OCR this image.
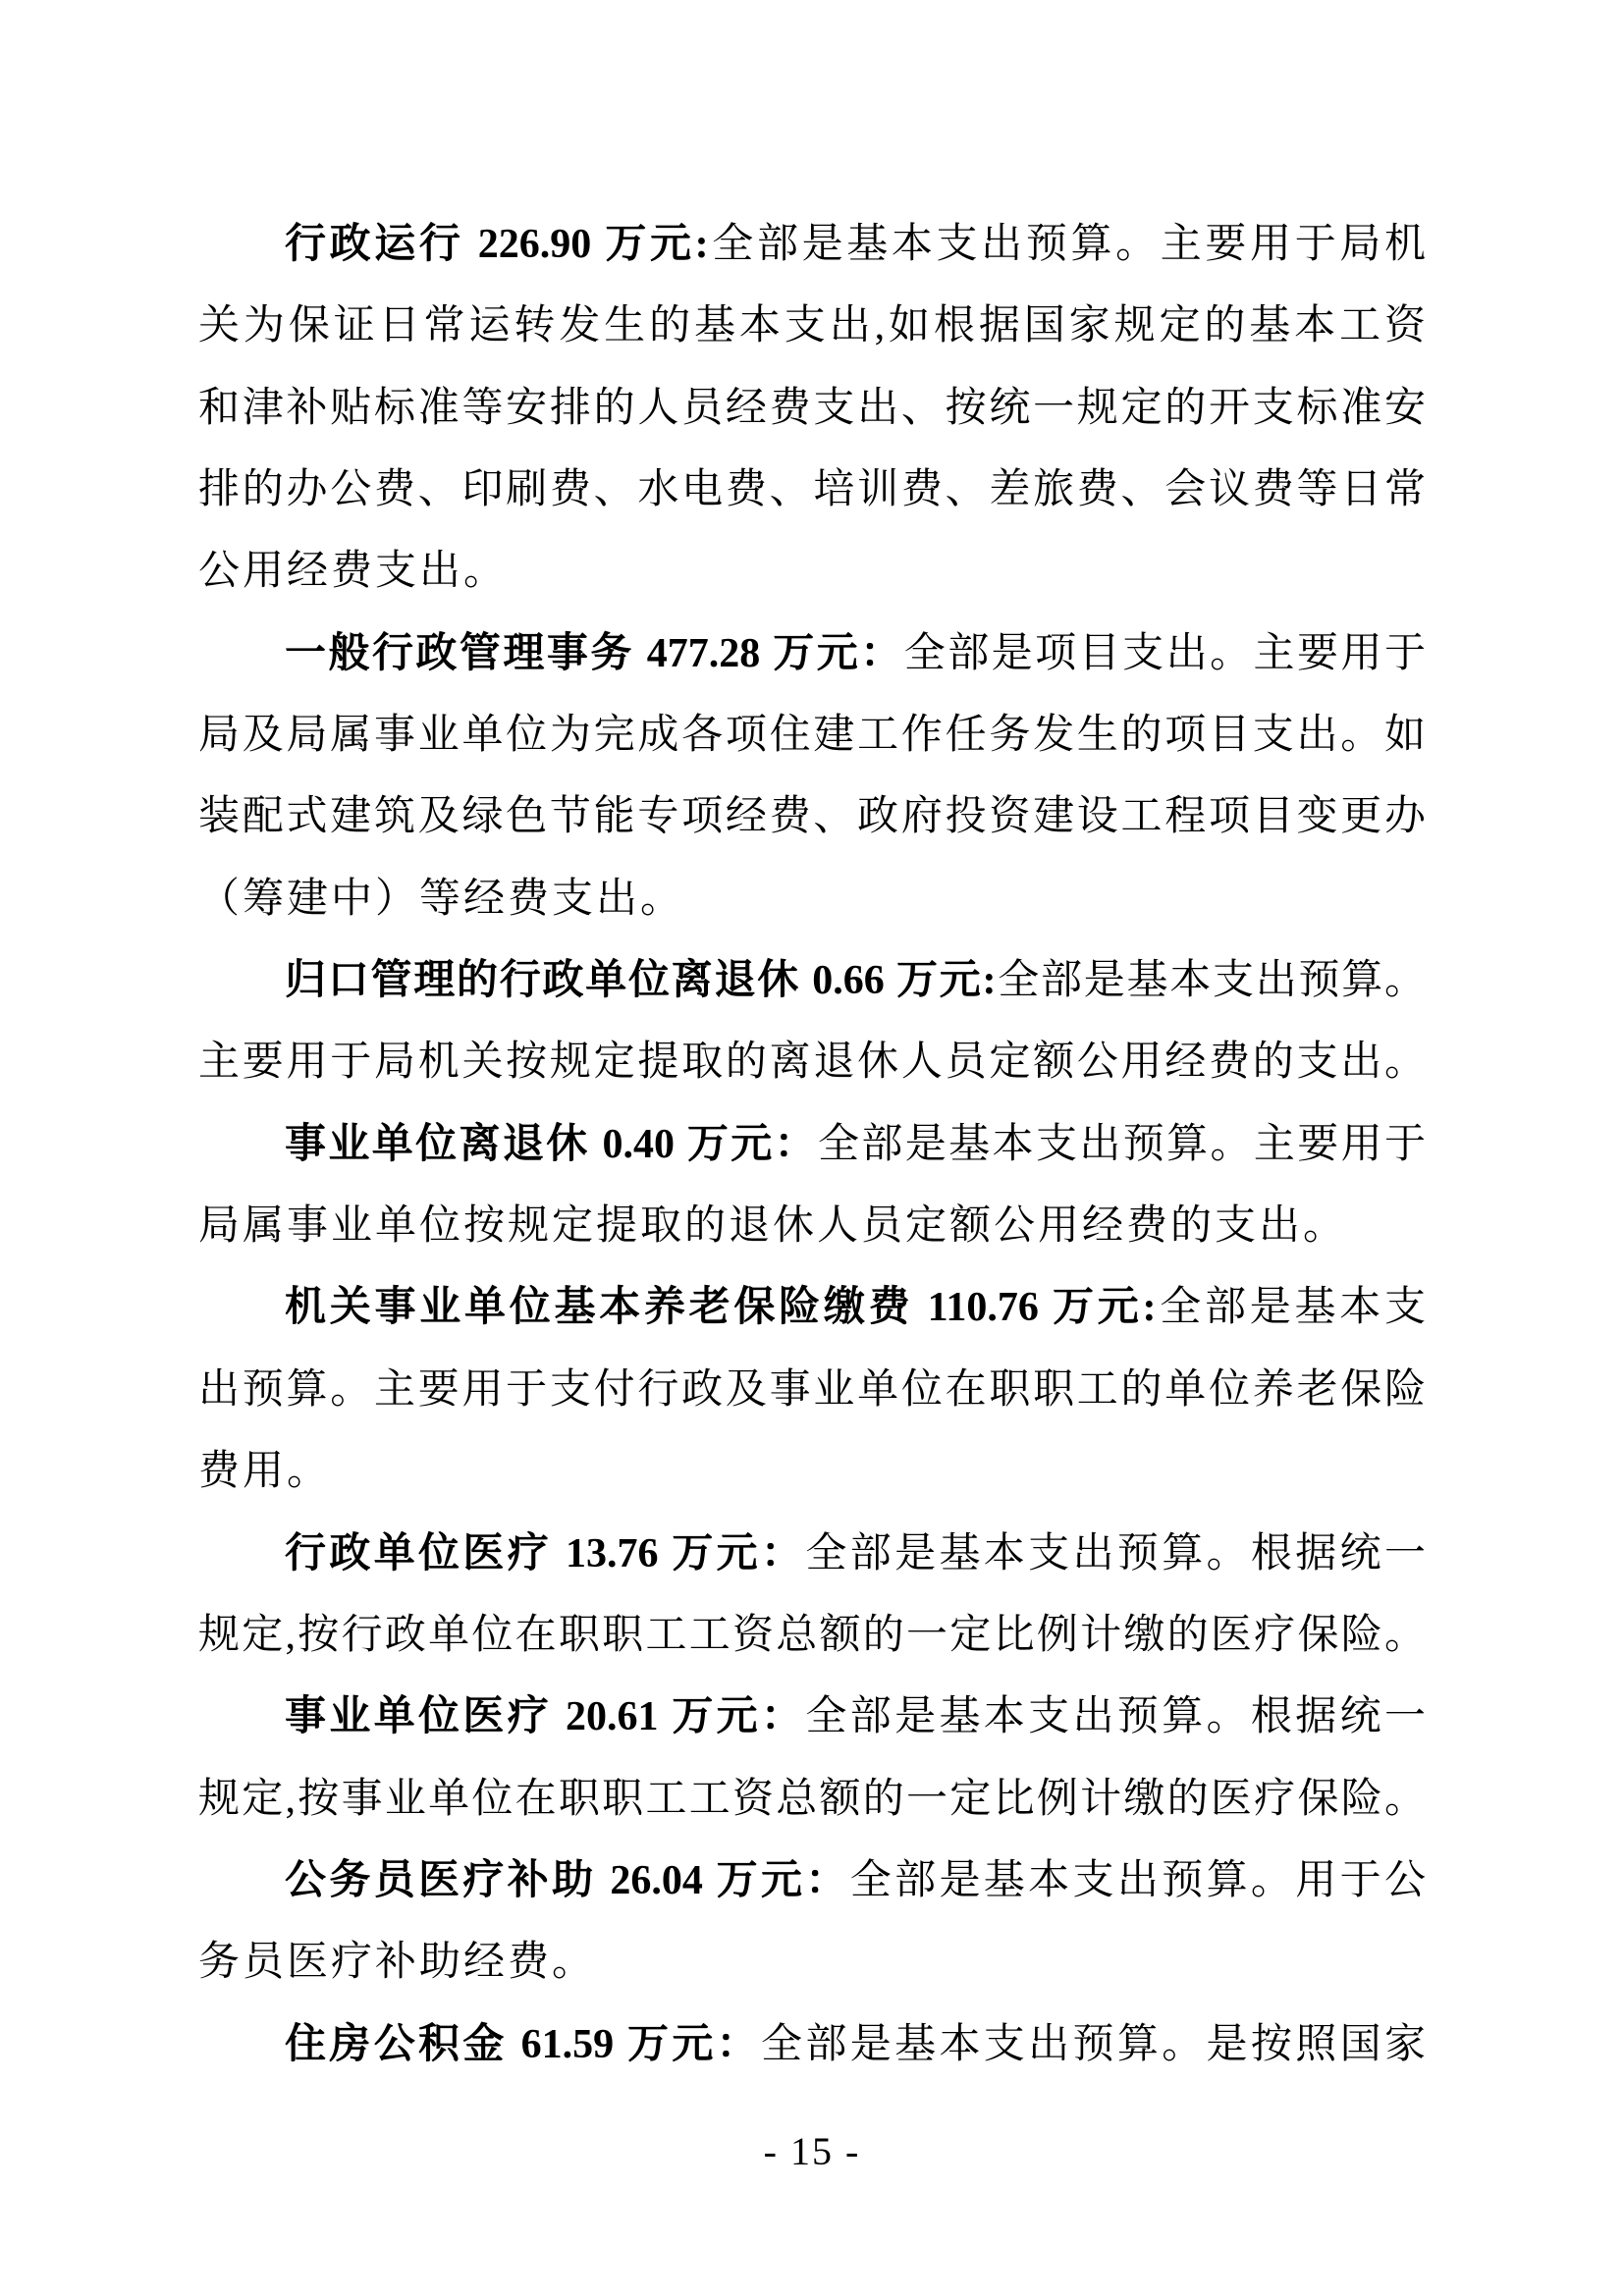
行政运行 226.90 万元:全部是基本支出预算。主要用于局机
关为保证日常运转发生的基本支出,如根据国家规定的基本工资
和津补贴标准等安排的人员经费支出、按统一规定的开支标准安
排的办公费、印刷费、水电费、培训费、差旅费、会议费等日常
公用经费支出。
一般行政管理事务 477.28 万元：全部是项目支出。主要用于
局及局属事业单位为完成各项住建工作任务发生的项目支出。如
装配式建筑及绿色节能专项经费、政府投资建设工程项目变更办
（筹建中）等经费支出。
归口管理的行政单位离退休 0.66 万元:全部是基本支出预算。
主要用于局机关按规定提取的离退休人员定额公用经费的支出。
事业单位离退休 0.40 万元：全部是基本支出预算。主要用于
局属事业单位按规定提取的退休人员定额公用经费的支出。
机关事业单位基本养老保险缴费 110.76 万元:全部是基本支
出预算。主要用于支付行政及事业单位在职职工的单位养老保险
费用。
行政单位医疗 13.76 万元：全部是基本支出预算。根据统一
规定,按行政单位在职职工工资总额的一定比例计缴的医疗保险。
事业单位医疗 20.61 万元：全部是基本支出预算。根据统一
规定,按事业单位在职职工工资总额的一定比例计缴的医疗保险。
公务员医疗补助 26.04 万元：全部是基本支出预算。用于公
务员医疗补助经费。
住房公积金 61.59 万元：全部是基本支出预算。是按照国家
- 15 -
